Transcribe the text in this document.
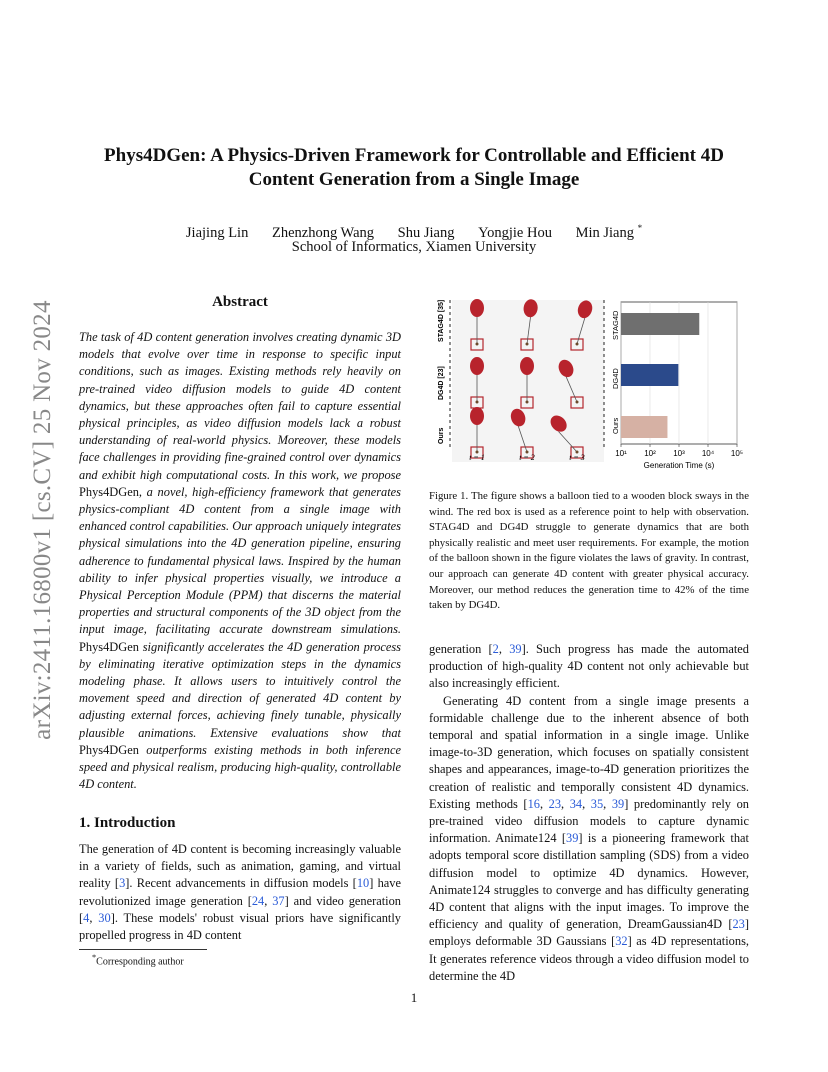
arXiv:2411.16800v1 [cs.CV] 25 Nov 2024
Phys4DGen: A Physics-Driven Framework for Controllable and Efficient 4D
Content Generation from a Single Image
Jiajing Lin Zhenzhong Wang Shu Jiang Yongjie Hou Min Jiang *
School of Informatics, Xiamen University
Abstract
The task of 4D content generation involves creating dynamic 3D models that evolve over time in response to specific input conditions, such as images. Existing methods rely heavily on pre-trained video diffusion models to guide 4D content dynamics, but these approaches often fail to capture essential physical principles, as video diffusion models lack a robust understanding of real-world physics. Moreover, these models face challenges in providing fine-grained control over dynamics and exhibit high computational costs. In this work, we propose Phys4DGen, a novel, high-efficiency framework that generates physics-compliant 4D content from a single image with enhanced control capabilities. Our approach uniquely integrates physical simulations into the 4D generation pipeline, ensuring adherence to fundamental physical laws. Inspired by the human ability to infer physical properties visually, we introduce a Physical Perception Module (PPM) that discerns the material properties and structural components of the 3D object from the input image, facilitating accurate downstream simulations. Phys4DGen significantly accelerates the 4D generation process by eliminating iterative optimization steps in the dynamics modeling phase. It allows users to intuitively control the movement speed and direction of generated 4D content by adjusting external forces, achieving finely tunable, physically plausible animations. Extensive evaluations show that Phys4DGen outperforms existing methods in both inference speed and physical realism, producing high-quality, controllable 4D content.
1. Introduction
The generation of 4D content is becoming increasingly valuable in a variety of fields, such as animation, gaming, and virtual reality [3]. Recent advancements in diffusion models [10] have revolutionized image generation [24, 37] and video generation [4, 30]. These models' robust visual priors have significantly propelled progress in 4D content
*Corresponding author
STAG4D [35]
DG4D [23]
Ours
t = 1	t = 2	t = 3
STAG4D
DG4D
Ours
10¹ 10² 10³ 10⁴ 10⁵
Generation Time (s)
Figure 1. The figure shows a balloon tied to a wooden block sways in the wind. The red box is used as a reference point to help with observation. STAG4D and DG4D struggle to generate dynamics that are both physically realistic and meet user requirements. For example, the motion of the balloon shown in the figure violates the laws of gravity. In contrast, our approach can generate 4D content with greater physical accuracy. Moreover, our method reduces the generation time to 42% of the time taken by DG4D.

generation [2, 39]. Such progress has made the automated production of high-quality 4D content not only achievable but also increasingly efficient.

Generating 4D content from a single image presents a formidable challenge due to the inherent absence of both temporal and spatial information in a single image. Unlike image-to-3D generation, which focuses on spatially consistent shapes and appearances, image-to-4D generation prioritizes the creation of realistic and temporally consistent 4D dynamics. Existing methods [16, 23, 34, 35, 39] predominantly rely on pre-trained video diffusion models to capture dynamic information. Animate124 [39] is a pioneering framework that adopts temporal score distillation sampling (SDS) from a video diffusion model to optimize 4D dynamics. However, Animate124 struggles to converge and has difficulty generating 4D content that aligns with the input images. To improve the efficiency and quality of generation, DreamGaussian4D [23] employs deformable 3D Gaussians [32] as 4D representations, It generates reference videos through a video diffusion model to determine the 4D

1
